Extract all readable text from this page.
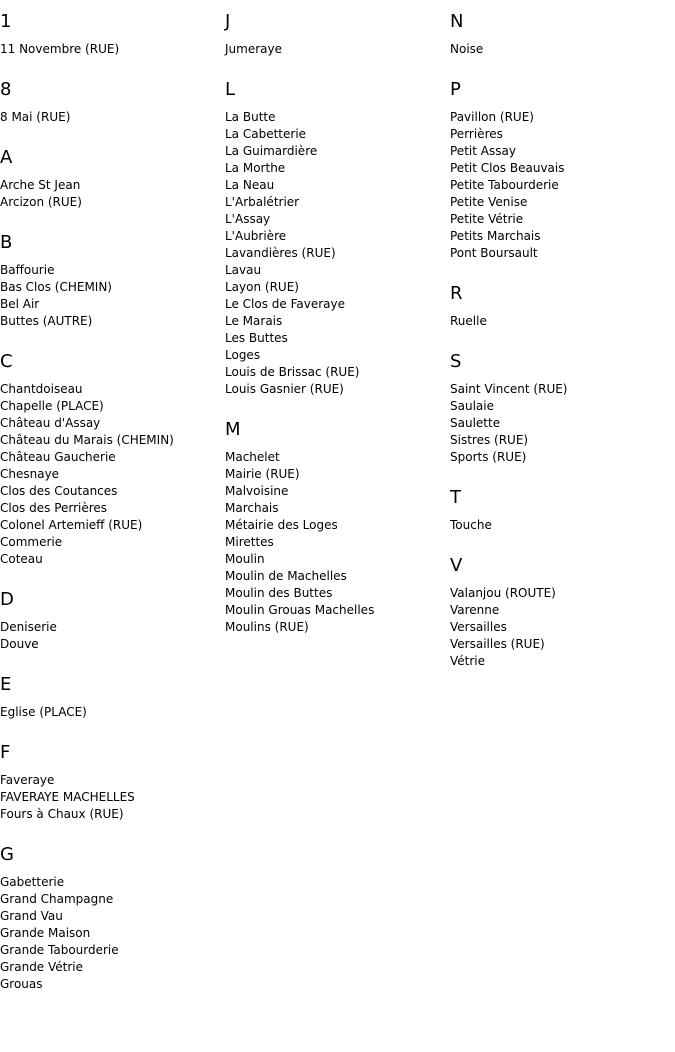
1
11 Novembre (RUE)
8
8 Mai (RUE)
A
Arche St Jean
Arcizon (RUE)
B
Baffourie
Bas Clos (CHEMIN)
Bel Air
Buttes (AUTRE)
C
Chantdoiseau
Chapelle (PLACE)
Château d'Assay
Château du Marais (CHEMIN)
Château Gaucherie
Chesnaye
Clos des Coutances
Clos des Perrières
Colonel Artemieff (RUE)
Commerie
Coteau
D
Deniserie
Douve
E
Eglise (PLACE)
F
Faveraye
FAVERAYE MACHELLES
Fours à Chaux (RUE)
G
Gabetterie
Grand Champagne
Grand Vau
Grande Maison
Grande Tabourderie
Grande Vétrie
Grouas
J
Jumeraye
L
La Butte
La Cabetterie
La Guimardière
La Morthe
La Neau
L'Arbalétrier
L'Assay
L'Aubrière
Lavandières (RUE)
Lavau
Layon (RUE)
Le Clos de Faveraye
Le Marais
Les Buttes
Loges
Louis de Brissac (RUE)
Louis Gasnier (RUE)
M
Machelet
Mairie (RUE)
Malvoisine
Marchais
Métairie des Loges
Mirettes
Moulin
Moulin de Machelles
Moulin des Buttes
Moulin Grouas Machelles
Moulins (RUE)
N
Noise
P
Pavillon (RUE)
Perrières
Petit Assay
Petit Clos Beauvais
Petite Tabourderie
Petite Venise
Petite Vétrie
Petits Marchais
Pont Boursault
R
Ruelle
S
Saint Vincent (RUE)
Saulaie
Saulette
Sistres (RUE)
Sports (RUE)
T
Touche
V
Valanjou (ROUTE)
Varenne
Versailles
Versailles (RUE)
Vétrie
